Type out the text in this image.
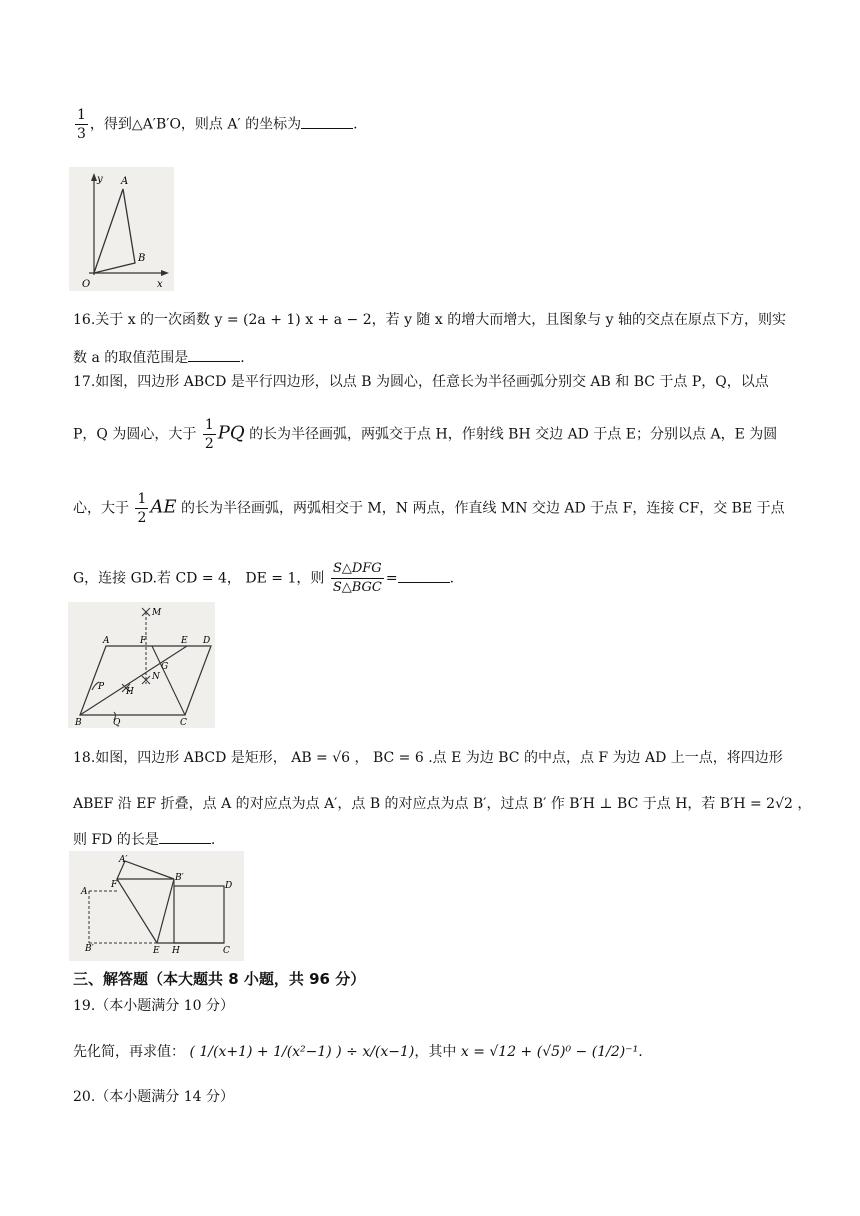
$\frac{1}{3}$ ，得到△A′B′O，则点 A′ 的坐标为	.
y
x
O
A
B
16.关于 x 的一次函数 y = (2a + 1) x + a − 2，若 y 随 x 的增大而增大，且图象与 y 轴的交点在原点下方，则实
数 a 的取值范围是	.
17.如图，四边形 ABCD 是平行四边形，以点 B 为圆心，任意长为半径画弧分别交 AB 和 BC 于点 P，Q，以点
P，Q 为圆心，大于 $\frac{1}{2}$ PQ 的长为半径画弧，两弧交于点 H，作射线 BH 交边 AD 于点 E；分别以点 A，E 为圆
心，大于 $\frac{1}{2}$ AE 的长为半径画弧，两弧相交于 M，N 两点，作直线 MN 交边 AD 于点 F，连接 CF，交 BE 于点
G，连接 GD.若 CD = 4， DE = 1，则 $\frac{\text{S△DFG}}{\text{S△BGC}}$ =	.
M
A	F	E D
G
N
P H
B	Q	C
18.如图，四边形 ABCD 是矩形， AB = √6 ， BC = 6 .点 E 为边 BC 的中点，点 F 为边 AD 上一点，将四边形
ABEF 沿 EF 折叠，点 A 的对应点为点 A′，点 B 的对应点为点 B′，过点 B′ 作 B′H ⊥ BC 于点 H，若 B′H = 2√2 ，
则 FD 的长是	.
A′
F
B′
D
A
B′	E H	C
三、解答题（本大题共 8 小题，共 96 分）
19.（本小题满分 10 分）
先化简，再求值： ( 1/(x+1) + 1/(x²−1) ) ÷ x/(x−1)，其中 x = √12 + (√5)⁰ − (1/2)⁻¹.
20.（本小题满分 14 分）
